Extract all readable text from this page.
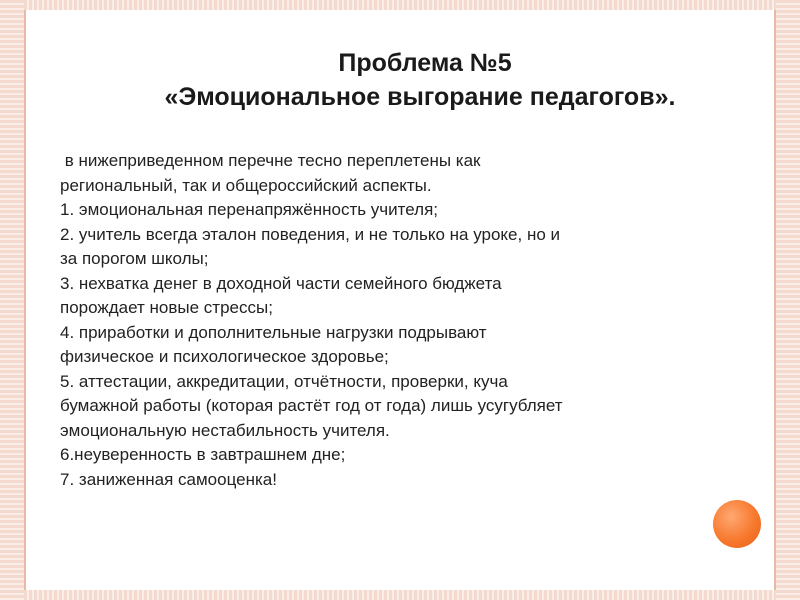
Проблема №5
«Эмоциональное выгорание педагогов».
в нижеприведенном перечне тесно переплетены как
региональный, так и общероссийский аспекты.
1. эмоциональная перенапряжённость учителя;
2. учитель всегда эталон поведения, и не только на уроке, но и
за порогом школы;
3. нехватка денег в доходной части семейного бюджета
порождает новые стрессы;
4. приработки и дополнительные нагрузки подрывают
физическое и психологическое здоровье;
5. аттестации, аккредитации, отчётности, проверки, куча
бумажной работы (которая растёт год от года) лишь усугубляет
эмоциональную нестабильность учителя.
6.неуверенность в завтрашнем дне;
7. заниженная самооценка!
